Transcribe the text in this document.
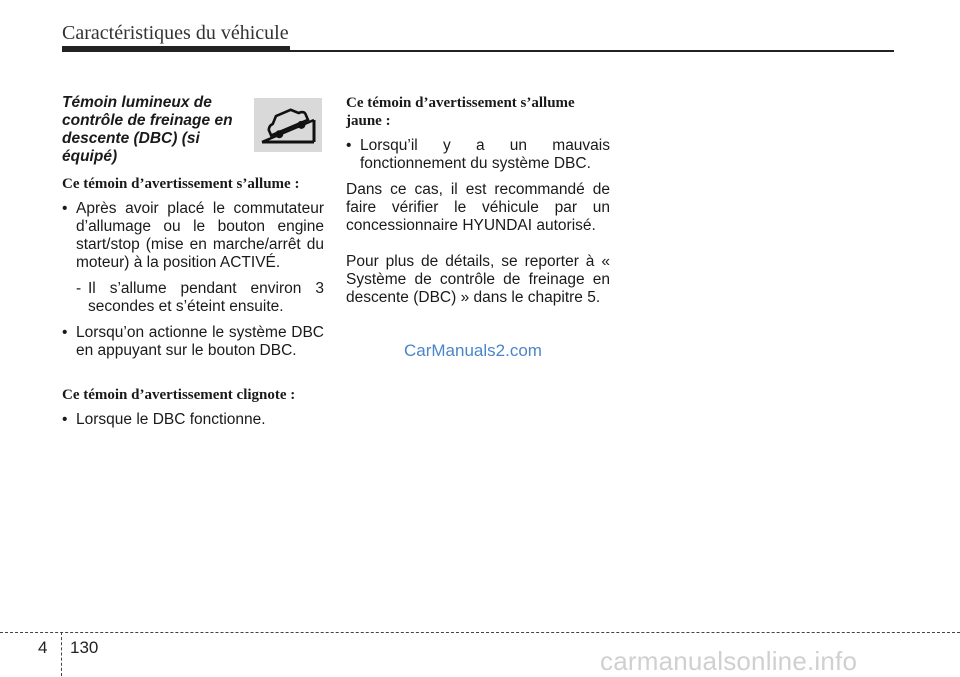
Caractéristiques du véhicule
Témoin lumineux de contrôle de freinage en descente (DBC) (si équipé)

Ce témoin d’avertissement s’allume :

• Après avoir placé le commutateur d’allumage ou le bouton engine start/stop (mise en marche/arrêt du moteur) à la position ACTIVÉ.
- Il s’allume pendant environ 3 secondes et s’éteint ensuite.
• Lorsqu’on actionne le système DBC en appuyant sur le bouton DBC.

Ce témoin d’avertissement clignote :

• Lorsque le DBC fonctionne.

Ce témoin d’avertissement s’allume jaune :

• Lorsqu’il y a un mauvais fonctionnement du système DBC.

Dans ce cas, il est recommandé de faire vérifier le véhicule par un concessionnaire HYUNDAI autorisé.

Pour plus de détails, se reporter à « Système de contrôle de freinage en descente (DBC) » dans le chapitre 5.

CarManuals2.com
4 130	carmanualsonline.info
